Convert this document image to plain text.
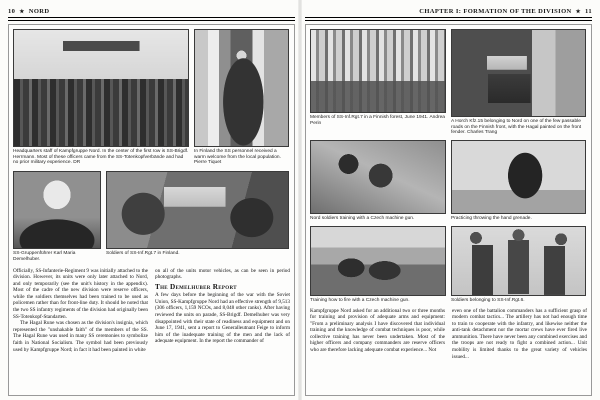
10 ★ NORD
Headquarters staff of Kampfgruppe Nord. In the center of the first row is SS-Brigdf. Herrmann. Most of these officers came from the SS-Totenkopfverbände and had no prior military experience. DR
In Finland the SS personnel received a warm welcome from the local population. Pierre Tiquet
SS-Gruppenführer Karl Maria Demelhuber.
Soldiers of SS-Inf.Rgt.7 in Finland.

Officially, SS-Infanterie-Regiment 9 was initially attached to the division. However, its units were only later attached to Nord, and only temporarily (see the unit's history in the appendix). Most of the cadre of the new division were reserve officers, while the soldiers themselves had been trained to be used as policemen rather than for front-line duty. It should be noted that the two SS infantry regiments of the division had originally been SS-Totenkopf-Standarten.

The Hagal Rune was chosen as the division's insignia, which represented the "unshakable faith" of the members of the SS. The Hagal Rune was used in many SS ceremonies to symbolize faith in National Socialism. The symbol had been previously used by Kampfgruppe Nord; in fact it had been painted in white

on all of the units motor vehicles, as can be seen in period photographs.

The Demelhuber Report

A few days before the beginning of the war with the Soviet Union, SS-Kampfgruppe Nord had an effective strength of 9,513 (306 officers, 1,159 NCOs, and 8,048 other ranks). After having reviewed the units on parade, SS-Brigdf. Demelhuber was very disappointed with their state of readiness and equipment and on June 17, 1941, sent a report to Generalleutnant Feige to inform him of the inadequate training of the men and the lack of adequate equipment. In the report the commander of

CHAPTER I: FORMATION OF THE DIVISION ★ 11
Members of SS-Inf.Rgt.7 in a Finnish forest, June 1941. Andrea Perin	A Horch Kfz.15 belonging to Nord on one of the few passable roads on the Finnish front, with the Hagal painted on the front fender. Charles Trang
Nord soldiers training with a Czech machine gun.	Practicing throwing the hand grenade.
Training how to fire with a Czech machine gun.	Soldiers belonging to SS-Inf.Rgt.6.

Kampfgruppe Nord asked for an additional two or three months for training and provision of adequate arms and equipment: "From a preliminary analysis I have discovered that individual training and the knowledge of combat techniques is poor, while collective training has never been undertaken. Most of the higher officers and company commanders are reserve officers who are therefore lacking adequate combat experience... Not

even one of the battalion commanders has a sufficient grasp of modern combat tactics... The artillery has not had enough time to train to cooperate with the infantry, and likewise neither the anti-tank detachment nor the mortar crews have ever fired live ammunition. There have never been any combined exercises and the troops are not ready to fight a combined action... Unit mobility is limited thanks to the great variety of vehicles issued...
